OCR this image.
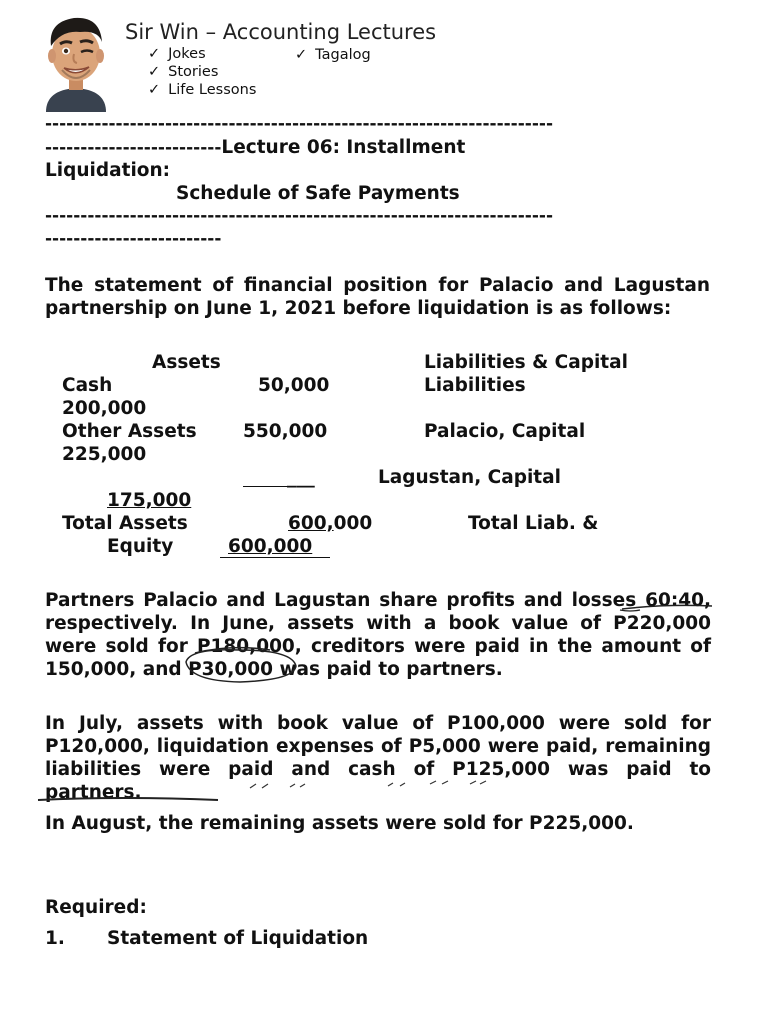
Sir Win – Accounting Lectures
✓ Jokes	✓ Tagalog
✓ Stories
✓ Life Lessons
------------------------------------------------------------------------
-------------------------Lecture 06: Installment
Liquidation:
Schedule of Safe Payments
------------------------------------------------------------------------
-------------------------
The statement of financial position for Palacio and Lagustan partnership on June 1, 2021 before liquidation is as follows:
Assets	Liabilities & Capital
Cash	50,000	Liabilities
200,000
Other Assets	550,000	Palacio, Capital
225,000
___	Lagustan, Capital
175,000
Total Assets	600,000	Total Liab. &
Equity	600,000
Partners Palacio and Lagustan share profits and losses 60:40, respectively. In June, assets with a book value of P220,000 were sold for P180,000, creditors were paid in the amount of 150,000, and P30,000 was paid to partners.
In July, assets with book value of P100,000 were sold for P120,000, liquidation expenses of P5,000 were paid, remaining liabilities were paid and cash of P125,000 was paid to partners.
In August, the remaining assets were sold for P225,000.
Required:
1. Statement of Liquidation
